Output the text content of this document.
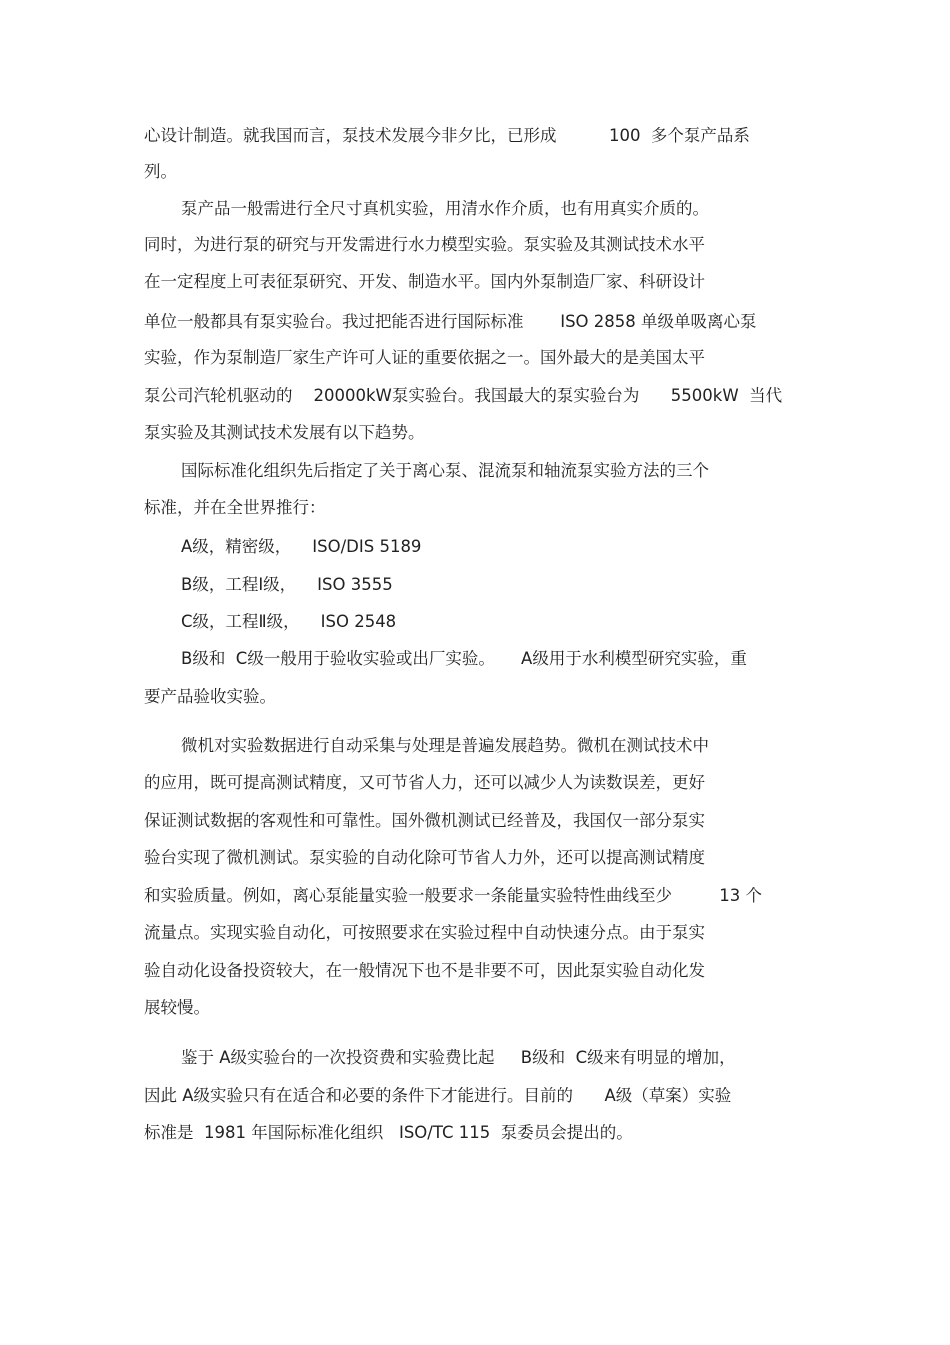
心设计制造。就我国而言，泵技术发展今非夕比，已形成          100  多个泵产品系
列。
泵产品一般需进行全尺寸真机实验，用清水作介质，也有用真实介质的。
同时，为进行泵的研究与开发需进行水力模型实验。泵实验及其测试技术水平
在一定程度上可表征泵研究、开发、制造水平。国内外泵制造厂家、科研设计
单位一般都具有泵实验台。我过把能否进行国际标准       ISO 2858 单级单吸离心泵
实验，作为泵制造厂家生产许可人证的重要依据之一。国外最大的是美国太平
泵公司汽轮机驱动的    20000kW泵实验台。我国最大的泵实验台为      5500kW  当代
泵实验及其测试技术发展有以下趋势。
国际标准化组织先后指定了关于离心泵、混流泵和轴流泵实验方法的三个
标准，并在全世界推行：
A级，精密级，    ISO/DIS 5189
B级，工程Ⅰ级，    ISO 3555
C级，工程Ⅱ级，    ISO 2548
B级和  C级一般用于验收实验或出厂实验。     A级用于水利模型研究实验，重
要产品验收实验。
微机对实验数据进行自动采集与处理是普遍发展趋势。微机在测试技术中
的应用，既可提高测试精度，又可节省人力，还可以减少人为读数误差，更好
保证测试数据的客观性和可靠性。国外微机测试已经普及，我国仅一部分泵实
验台实现了微机测试。泵实验的自动化除可节省人力外，还可以提高测试精度
和实验质量。例如，离心泵能量实验一般要求一条能量实验特性曲线至少         13 个
流量点。实现实验自动化，可按照要求在实验过程中自动快速分点。由于泵实
验自动化设备投资较大，在一般情况下也不是非要不可，因此泵实验自动化发
展较慢。
鉴于 A级实验台的一次投资费和实验费比起     B级和  C级来有明显的增加，
因此 A级实验只有在适合和必要的条件下才能进行。目前的      A级（草案）实验
标准是  1981 年国际标准化组织   ISO/TC 115  泵委员会提出的。
